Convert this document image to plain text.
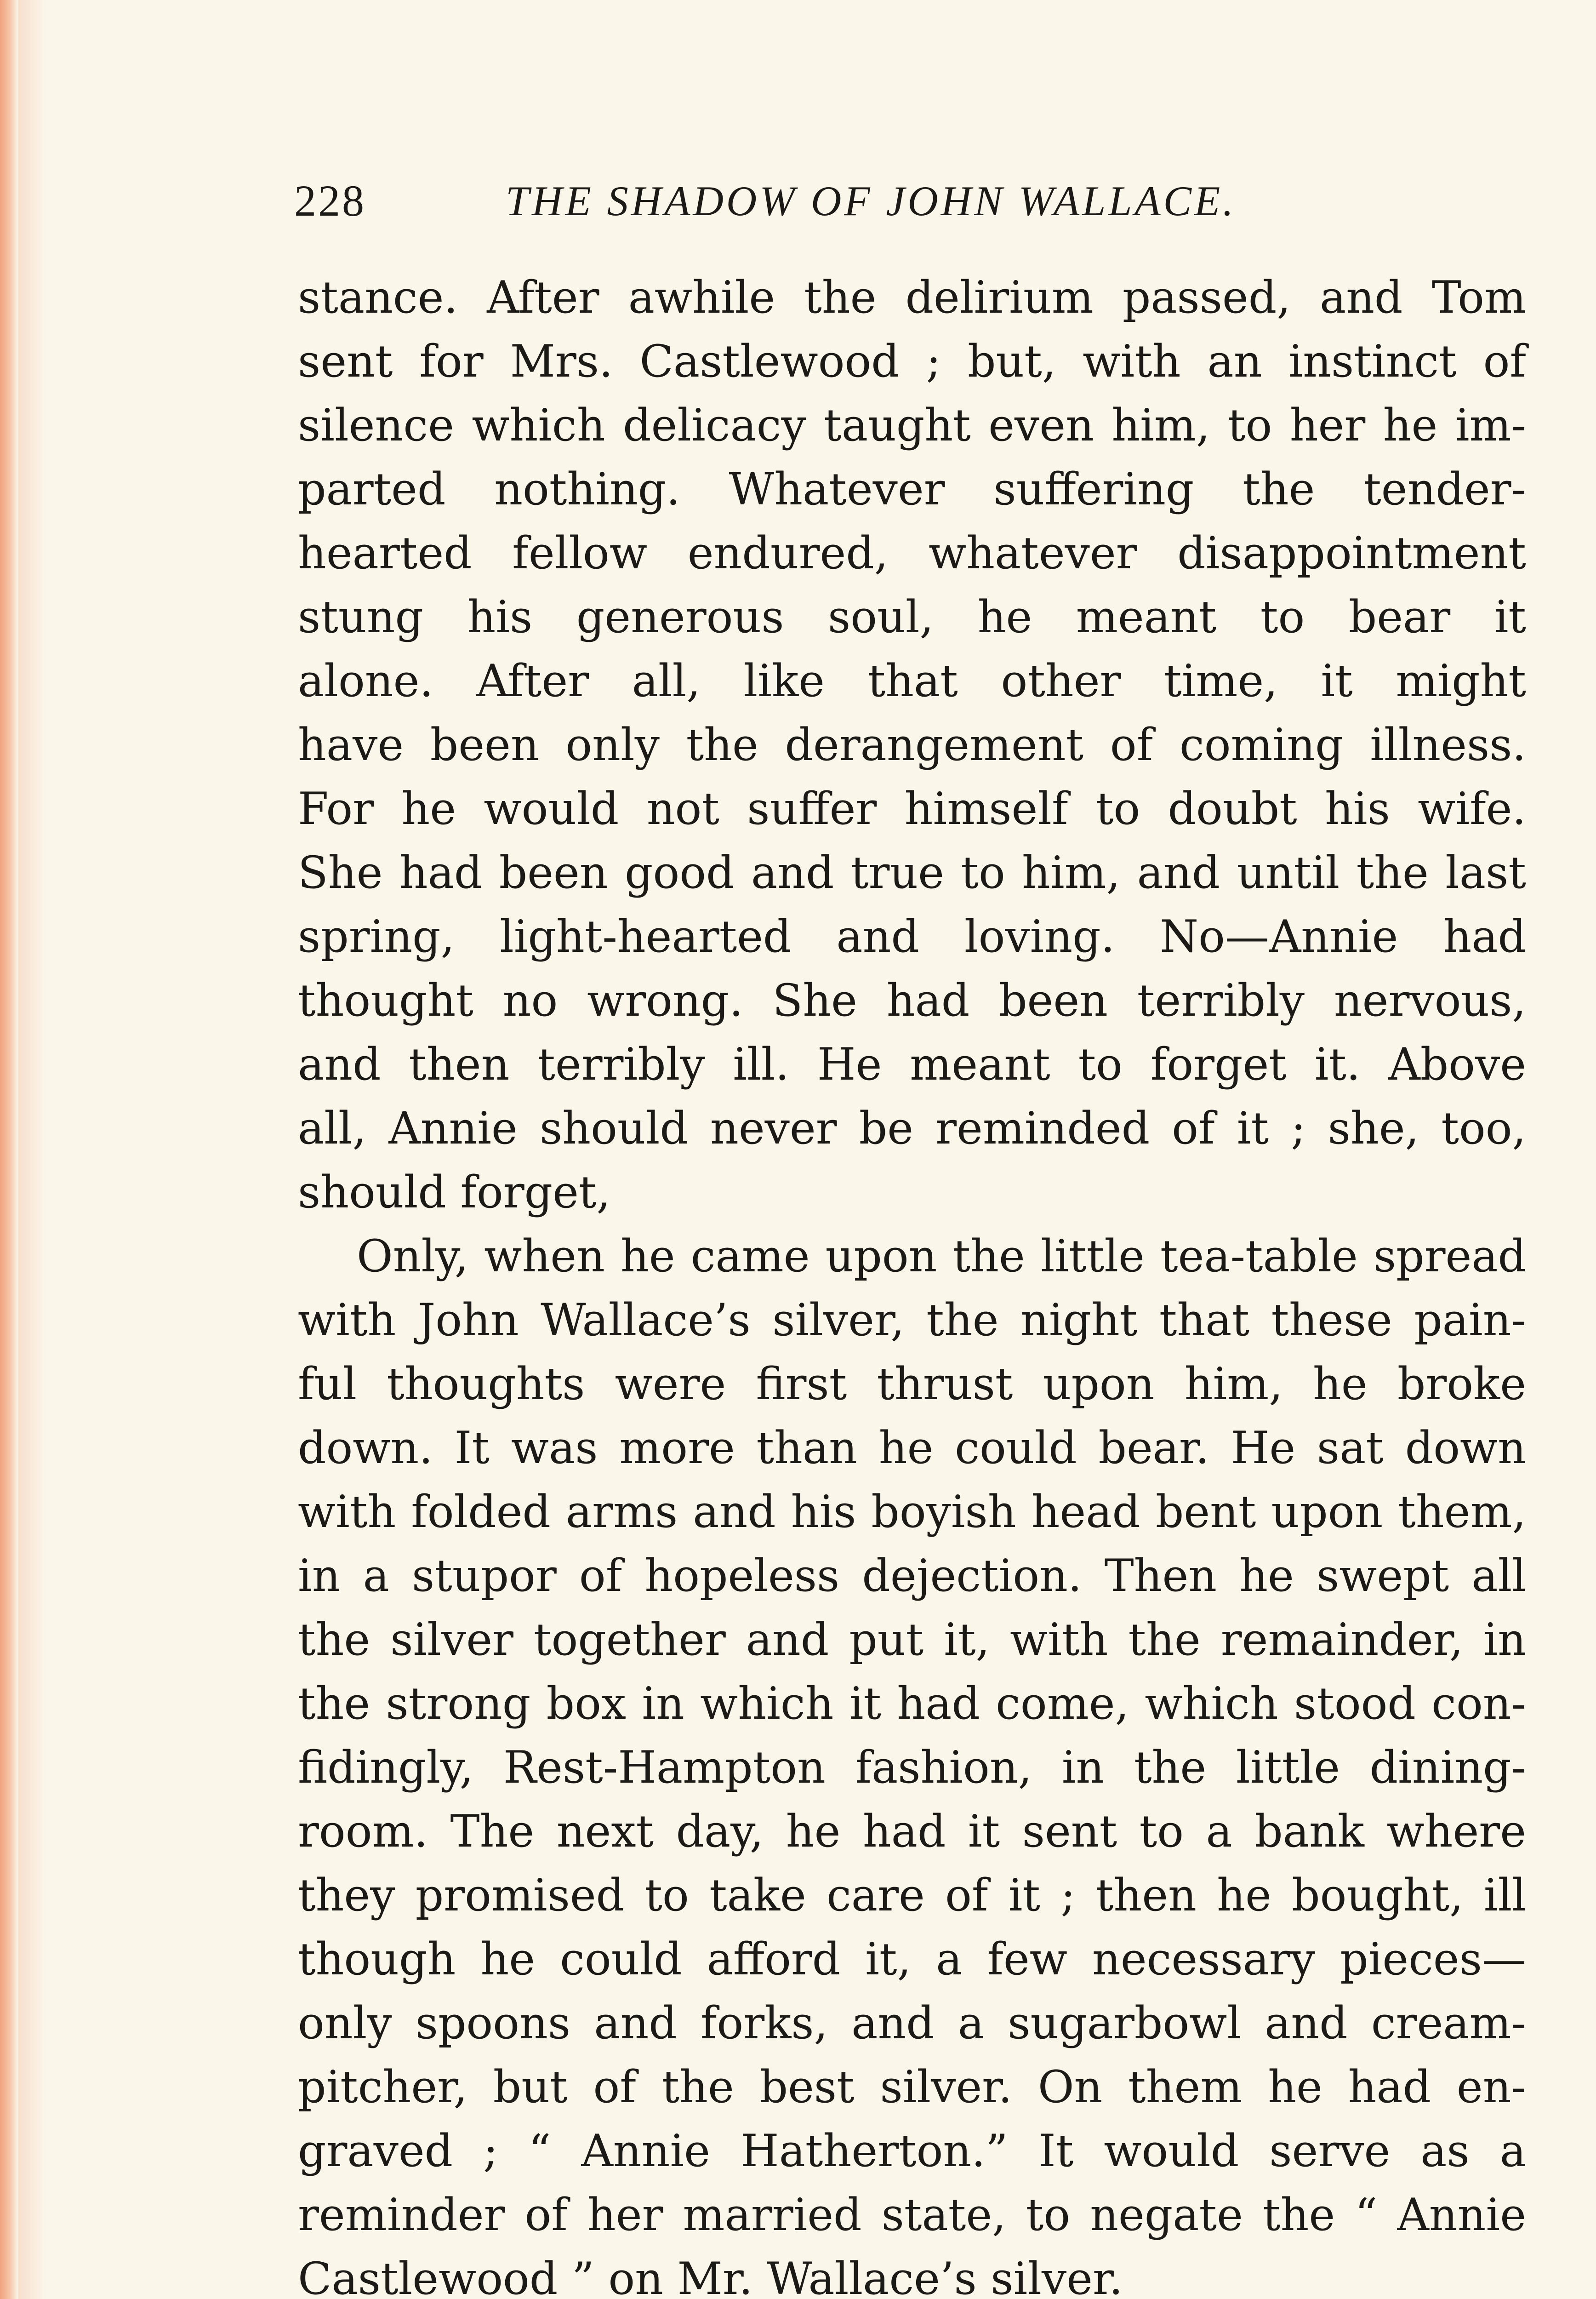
228	THE SHADOW OF JOHN WALLACE.
stance. After awhile the delirium passed, and Tom
sent for Mrs. Castlewood ; but, with an instinct of
silence which delicacy taught even him, to her he im-
parted nothing. Whatever suffering the tender-
hearted fellow endured, whatever disappointment
stung his generous soul, he meant to bear it
alone. After all, like that other time, it might
have been only the derangement of coming illness.
For he would not suffer himself to doubt his wife.
She had been good and true to him, and until the last
spring, light-hearted and loving. No—Annie had
thought no wrong. She had been terribly nervous,
and then terribly ill. He meant to forget it. Above
all, Annie should never be reminded of it ; she, too,
should forget,
Only, when he came upon the little tea-table spread
with John Wallace’s silver, the night that these pain-
ful thoughts were first thrust upon him, he broke
down. It was more than he could bear. He sat down
with folded arms and his boyish head bent upon them,
in a stupor of hopeless dejection. Then he swept all
the silver together and put it, with the remainder, in
the strong box in which it had come, which stood con-
fidingly, Rest-Hampton fashion, in the little dining-
room. The next day, he had it sent to a bank where
they promised to take care of it ; then he bought, ill
though he could afford it, a few necessary pieces—
only spoons and forks, and a sugarbowl and cream-
pitcher, but of the best silver. On them he had en-
graved ; “ Annie Hatherton.” It would serve as a
reminder of her married state, to negate the “ Annie
Castlewood ” on Mr. Wallace’s silver.
